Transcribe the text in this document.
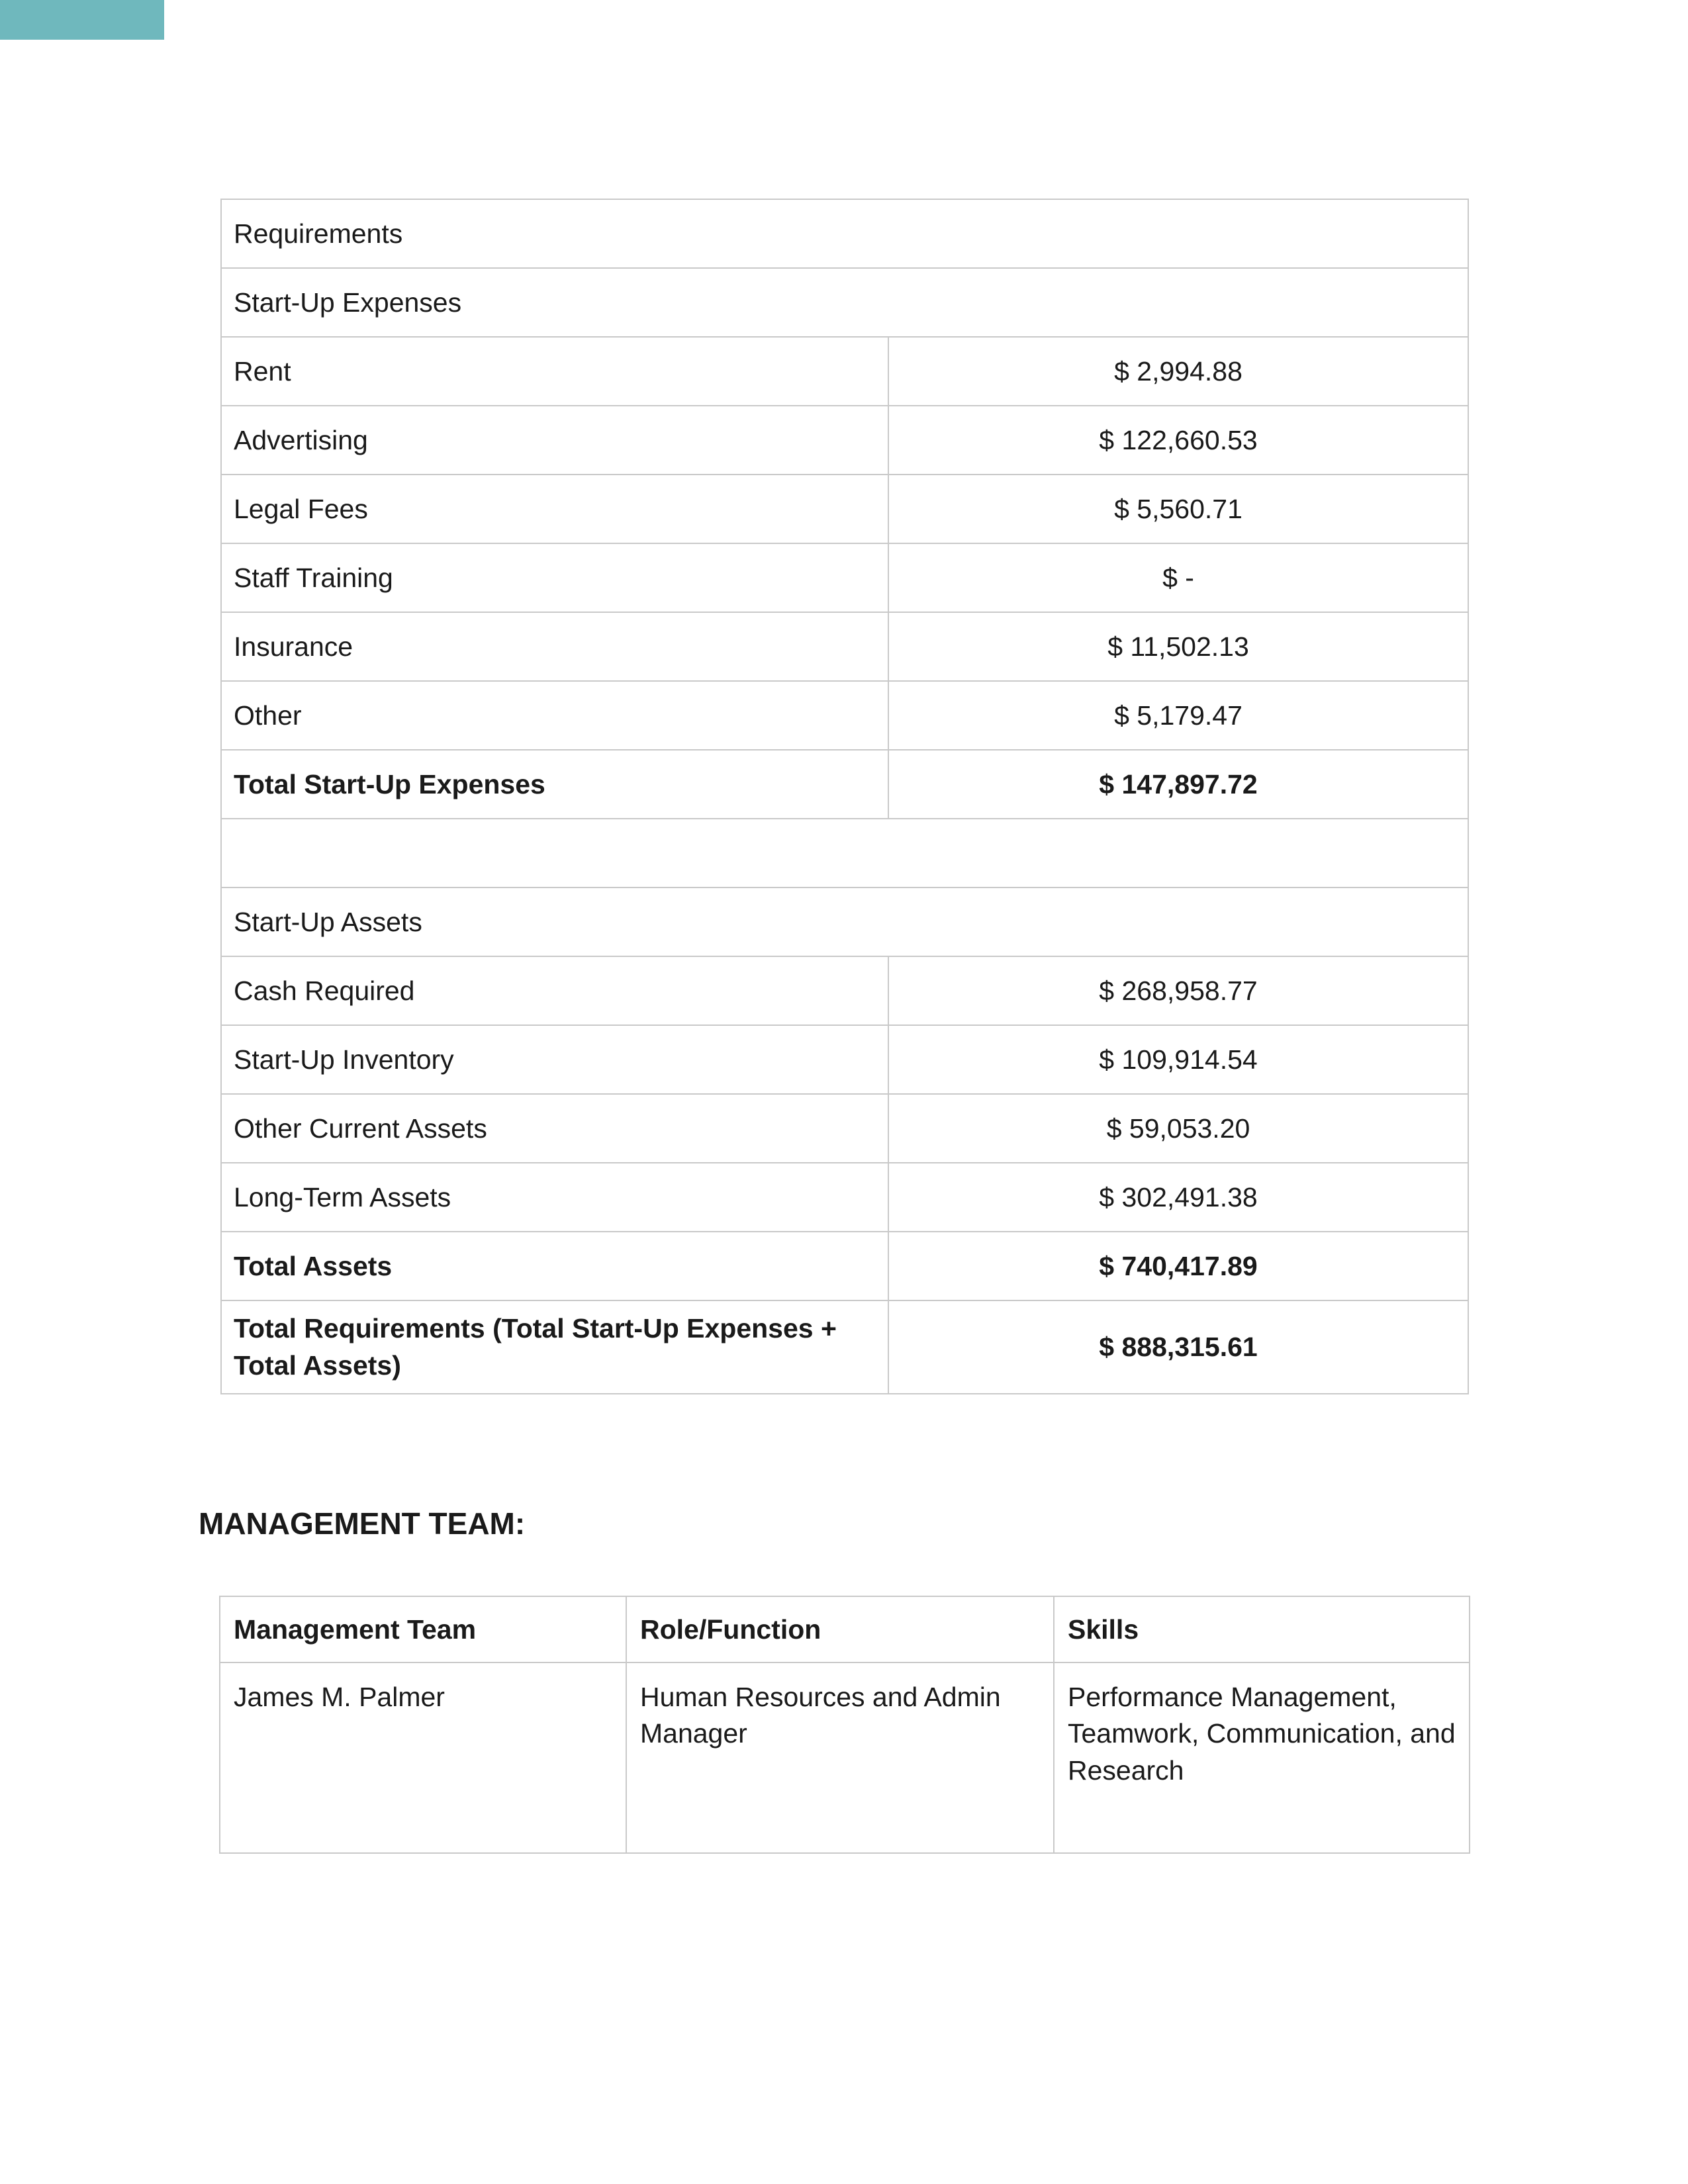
Requirements	
Start-Up Expenses	
Rent	$ 2,994.88
Advertising	$ 122,660.53
Legal Fees	$ 5,560.71
Staff Training	$ -
Insurance	$ 11,502.13
Other	$ 5,179.47
Total Start-Up Expenses	$ 147,897.72

Start-Up Assets	
Cash Required	$ 268,958.77
Start-Up Inventory	$ 109,914.54
Other Current Assets	$ 59,053.20
Long-Term Assets	$ 302,491.38
Total Assets	$ 740,417.89
Total Requirements (Total Start-Up Expenses + Total Assets)	$ 888,315.61
MANAGEMENT TEAM:
Management Team	Role/Function	Skills
James M. Palmer	Human Resources and Admin Manager	Performance Management, Teamwork, Communication, and Research
